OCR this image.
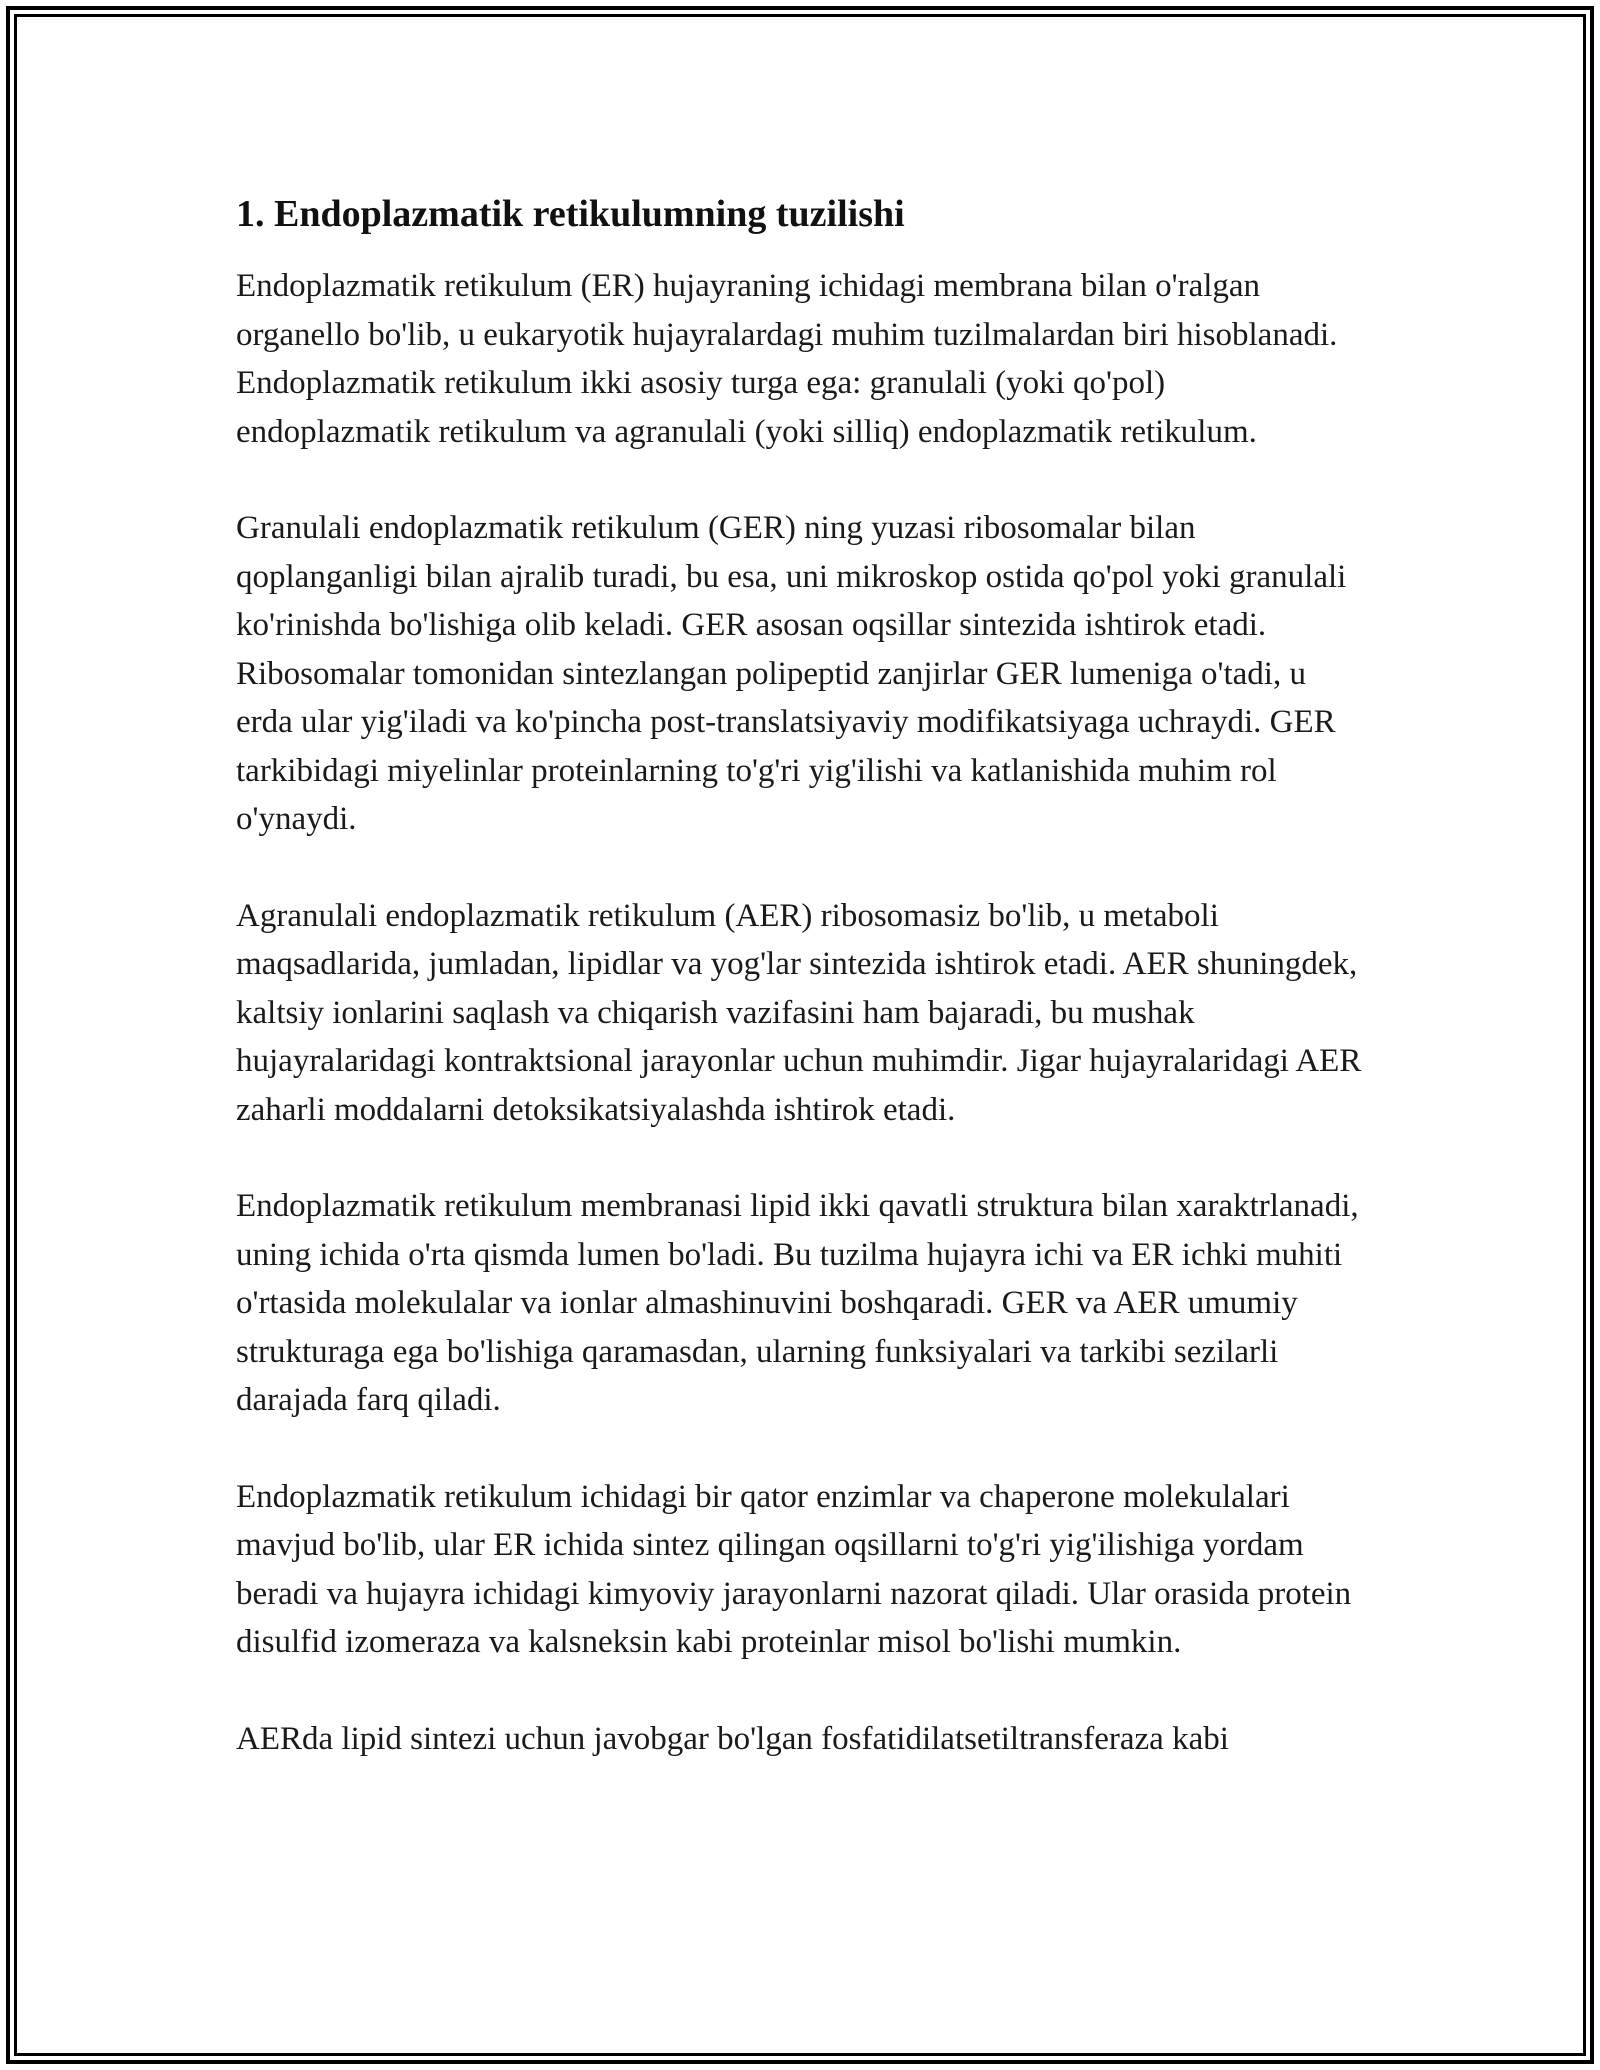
1. Endoplazmatik retikulumning tuzilishi

Endoplazmatik retikulum (ER) hujayraning ichidagi membrana bilan o'ralgan organello bo'lib, u eukaryotik hujayralardagi muhim tuzilmalardan biri hisoblanadi. Endoplazmatik retikulum ikki asosiy turga ega: granulali (yoki qo'pol) endoplazmatik retikulum va agranulali (yoki silliq) endoplazmatik retikulum.

Granulali endoplazmatik retikulum (GER) ning yuzasi ribosomalar bilan qoplanganligi bilan ajralib turadi, bu esa, uni mikroskop ostida qo'pol yoki granulali ko'rinishda bo'lishiga olib keladi. GER asosan oqsillar sintezida ishtirok etadi. Ribosomalar tomonidan sintezlangan polipeptid zanjirlar GER lumeniga o'tadi, u erda ular yig'iladi va ko'pincha post-translatsiyaviy modifikatsiyaga uchraydi. GER tarkibidagi miyelinlar proteinlarning to'g'ri yig'ilishi va katlanishida muhim rol o'ynaydi.

Agranulali endoplazmatik retikulum (AER) ribosomasiz bo'lib, u metaboli maqsadlarida, jumladan, lipidlar va yog'lar sintezida ishtirok etadi. AER shuningdek, kaltsiy ionlarini saqlash va chiqarish vazifasini ham bajaradi, bu mushak hujayralaridagi kontraktsional jarayonlar uchun muhimdir. Jigar hujayralaridagi AER zaharli moddalarni detoksikatsiyalashda ishtirok etadi.

Endoplazmatik retikulum membranasi lipid ikki qavatli struktura bilan xaraktrlanadi, uning ichida o'rta qismda lumen bo'ladi. Bu tuzilma hujayra ichi va ER ichki muhiti o'rtasida molekulalar va ionlar almashinuvini boshqaradi. GER va AER umumiy strukturaga ega bo'lishiga qaramasdan, ularning funksiyalari va tarkibi sezilarli darajada farq qiladi.

Endoplazmatik retikulum ichidagi bir qator enzimlar va chaperone molekulalari mavjud bo'lib, ular ER ichida sintez qilingan oqsillarni to'g'ri yig'ilishiga yordam beradi va hujayra ichidagi kimyoviy jarayonlarni nazorat qiladi. Ular orasida protein disulfid izomeraza va kalsneksin kabi proteinlar misol bo'lishi mumkin.

AERda lipid sintezi uchun javobgar bo'lgan fosfatidilatsetiltransferaza kabi
